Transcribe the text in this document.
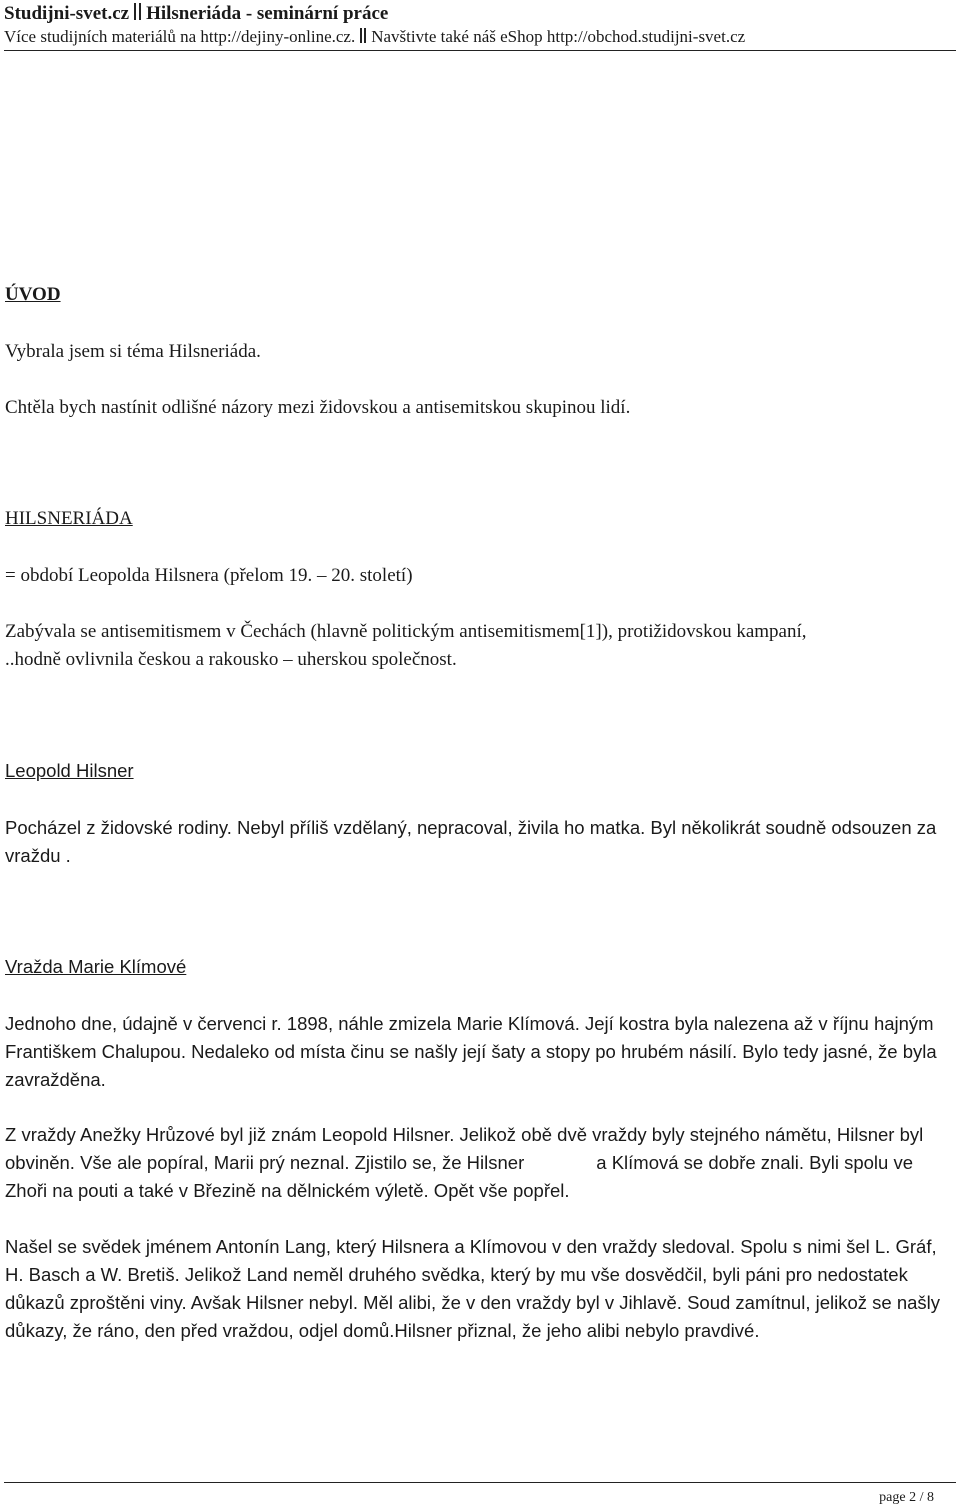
Studijni-svet.cz Hilsneriáda - seminární práce
Více studijních materiálů na http://dejiny-online.cz. Navštivte také náš eShop http://obchod.studijni-svet.cz
ÚVOD
Vybrala jsem si téma Hilsneriáda.
Chtěla bych nastínit odlišné názory mezi židovskou a antisemitskou skupinou lidí.
HILSNERIÁDA
= období Leopolda Hilsnera (přelom 19. – 20. století)
Zabývala se antisemitismem v Čechách (hlavně politickým antisemitismem[1]), protižidovskou kampaní,
..hodně ovlivnila českou a rakousko – uherskou společnost.
Leopold Hilsner
Pocházel z židovské rodiny. Nebyl příliš vzdělaný, nepracoval, živila ho matka. Byl několikrát soudně odsouzen za vraždu .
Vražda Marie Klímové
Jednoho dne, údajně v červenci r. 1898, náhle zmizela Marie Klímová. Její kostra byla nalezena až v říjnu hajným Františkem Chalupou. Nedaleko od místa činu se našly její šaty a stopy po hrubém násilí. Bylo tedy jasné, že byla zavražděna.
Z vraždy Anežky Hrůzové byl již znám Leopold Hilsner. Jelikož obě dvě vraždy byly stejného námětu, Hilsner byl obviněn. Vše ale popíral, Marii prý neznal. Zjistilo se, že Hilsner	a Klímová se dobře znali. Byli spolu ve Zhoři na pouti a také v Březině na dělnickém výletě. Opět vše popřel.
Našel se svědek jménem Antonín Lang, který Hilsnera a Klímovou v den vraždy sledoval. Spolu s nimi šel L. Gráf, H. Basch a W. Bretiš. Jelikož Land neměl druhého svědka, který by mu vše dosvědčil, byli páni pro nedostatek důkazů zproštěni viny. Avšak Hilsner nebyl. Měl alibi, že v den vraždy byl v Jihlavě. Soud zamítnul, jelikož se našly důkazy, že ráno, den před vraždou, odjel domů.Hilsner přiznal, že jeho alibi nebylo pravdivé.
page 2 / 8
